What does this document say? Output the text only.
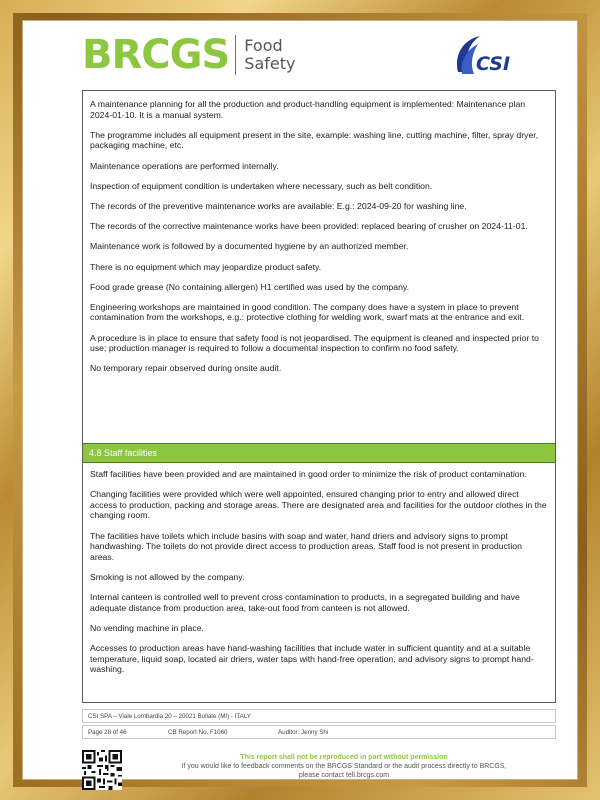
BRCGS Food
Safety	CSI

A maintenance planning for all the production and product-handling equipment is implemented: Maintenance plan 2024-01-10. It is a manual system.

The programme includes all equipment present in the site, example: washing line, cutting machine, filter, spray dryer, packaging machine, etc.

Maintenance operations are performed internally.

Inspection of equipment condition is undertaken where necessary, such as belt condition.

The records of the preventive maintenance works are available: E.g.: 2024-09-20 for washing line.

The records of the corrective maintenance works have been provided: replaced bearing of crusher on 2024-11-01.

Maintenance work is followed by a documented hygiene by an authorized member.

There is no equipment which may jeopardize product safety.

Food grade grease (No containing allergen) H1 certified was used by the company.

Engineering workshops are maintained in good condition. The company does have a system in place to prevent contamination from the workshops, e.g.: protective clothing for welding work, swarf mats at the entrance and exit.

A procedure is in place to ensure that safety food is not jeopardised. The equipment is cleaned and inspected prior to use; production manager is required to follow a documental inspection to confirm no food safety.

No temporary repair observed during onsite audit.

4.8 Staff facilities

Staff facilities have been provided and are maintained in good order to minimize the risk of product contamination.

Changing facilities were provided which were well appointed, ensured changing prior to entry and allowed direct access to production, packing and storage areas. There are designated area and facilities for the outdoor clothes in the changing room.

The facilities have toilets which include basins with soap and water, hand driers and advisory signs to prompt handwashing. The toilets do not provide direct access to production areas. Staff food is not present in production areas.

Smoking is not allowed by the company.

Internal canteen is controlled well to prevent cross contamination to products, in a segregated building and have adequate distance from production area, take-out food from canteen is not allowed.

No vending machine in place.

Accesses to production areas have hand-washing facilities that include water in sufficient quantity and at a suitable temperature, liquid soap, located air driers, water taps with hand-free operation, and advisory signs to prompt hand-washing.

CSI SPA – Viale Lombardia 20 – 20021 Bollate (MI) - ITALY
Page 28 of 46	CB Report No. F1060	Auditor: Jenny Shi
This report shall not be reproduced in part without permission
If you would like to feedback comments on the BRCGS Standard or the audit process directly to BRCGS,
please contact tell.brcgs.com
